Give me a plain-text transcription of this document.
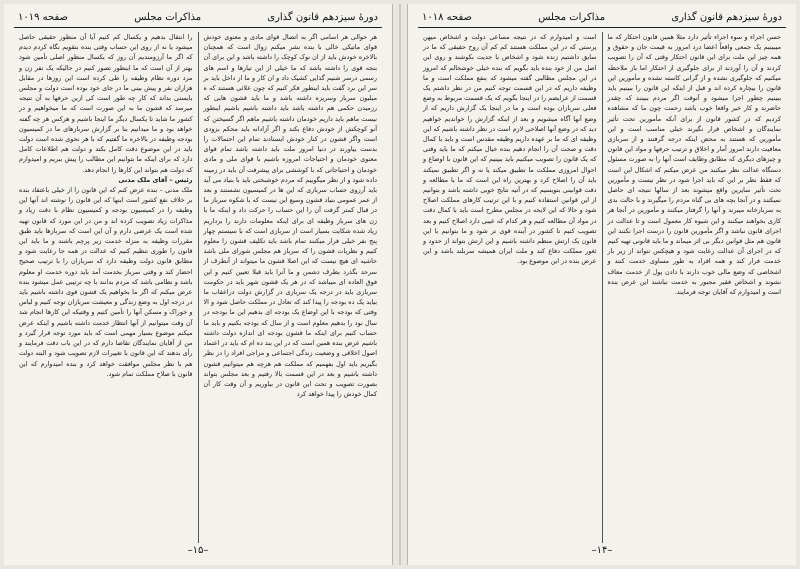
دورهٔ سیزدهم قانون گذاری
مذاکرات مجلس
صفحه ۱۰۱۹

هر حوالی هر اسامی اگر به اتصال قوای مادی و معنوی خودش قوای ماتیکی خالی با بنده نشر میکنم زوال است که همچنان بالاخره خودش باید از ان نوک کوچک را داشته باشد و این برای آن بنجه قوی را داشته باشد که ما خیلی از این تیارها و اسم های رسمی درسر شنیم گذایی کشیک داد و ان کار و ما از داخل باید بر سر این برد گفت باید اینطور فکر کنیم که چون علائی هستند که ه میلیون سرباز وسریزه داشته باشد و ما باید قشون هایی که رزمیدن حکمی هم داشته باشد باید داشته باشیم باشیم اینطور نیست ماهم باید داریم خودمان داشته باشیم ماهم اگر گسیختن که آنو کوچکش از خودش دفاع بکند و اگر آزادانه باید محکم بزودی است واگر قشون در کنار خودش ایستادند تمام این احتمالات را بدست بیاورند در دنیا امروز ملت باید داشته باشد تمام قوای معنوی خودمان و احتیاجات امروزه باشیم با قوای ملی و مادی خودمان و احتیاجاتی که با کوششی برای پیشرفت آن باید در زمینه داده شود و از نظر میگوییم که مردم خوشبختی باید با بنیاد می آید باید آرزوی حساب سربازی که این ها در کمیسیون نشستند و بعد از عمر عمومی بنیاد قشون وسیع این نیست که با شکوه سرباز ما در قبال کمتر گرفت آن را این حساب را حرکت داد و اینکه ما با زن های سرباز وظیفه ای برای اینکه معلومات دارند را برداریم زیاد شده شکایت بسیار است از سربازی است که با سیستم چهار پنج نفر خیلی فرار میکنند تمام باشد باید تکلیف قشون را معلوم کنیم و نظریات قشون را که سرباز هم مجلس شورای ملی باشد حاشیه ای هیچ نیست که این اصلا قشون ما میتواند از آنطرف از سرحد بگذرد بطرف دشمن و ما آنرا باید قبلا تعیین کنیم و این فوق العاده ای میباشد که در هر یک قشون شهر باید در حکومت سربازی باید در درجه یک سربازی در گزارش دولت دراعقاب ما بیاید یک ده بودجه را پیدا کند که تعادل در مملکت حاصل شود و الا وقتی که بودجه با این اوضاع یک بودجه ای بدهیم این ما بودجه در سال نود را بدهیم معلوم است و از سال که بودجه بکنیم و باید ما حساب کنیم برای اینکه ما قشون بودجه ای اندازه دولت داشته باشیم عرض بنده همین است که در این بند ده ام که باید در اعتماد اصول اخلاقی و وضعیت زندگی اجتماعی و مزاجی افراد را در نظر بگیریم باید اول بفهمیم که مملکت هم هرچه هم میتوانیم قشون داشته باشیم و بعد در این قسمت بالا رفتیم و بعد مجلس بتواند بصورت تصویب و تحت این قانون در بیاوریم و آن وقت کار آن کمال خودش را پیدا خواهد کرد

را انتقال بدهیم و یکسال کم کنیم آیا آن منظور حقیقی حاصل میشود یا نه از روی این حساب وقتی بنده بتقویم نگاه کردم دیدم که اگر ما آرزومندیم آن روز که یکسال منظور اصلی تأمین شود بهتر از آن است که ما اینطور تصور کنیم در حالیکه یک نفر زن و مرد دوره نظام وظیفه را طی کرده است این روزها در مقابل هزاران نفر و پیش بینی ما در جای خود بوده است دولت و مجلس بایستی بداند که کار چه طور است کی ازین حرفها به آن نتیجه میرسد که قشون ما به این صورت است که ما میخواهیم و در کشور ما شاید تا یکسال دیگر ما اینجا باشیم و هرکس هر چه گفته خواهد بود و ما میدانیم بنا بر گزارش سربازهای ما در کمیسیون بودجه وظیفه در بالاخره ما گفتیم که با هر نحوی شده است دولت باید در این موضوع دقت کامل بکند و دولت هم اطلاعات کامل دارد که برای اینکه ما بتوانیم این مطالب را پیش ببریم و امیدوارم که دولت هم بتواند این کارها را انجام دهد.

رئیس – آقای ملک مدنی

ملک مدنی – بنده عرض کنم که این قانون را از خیلی باعتقاد بنده بر خلاف نفع کشور است اینها که این قانون را نوشته اند آنها این وظیفه را در کمیسیون بودجه و کمیسیون نظام با دقت زیاد و مذاکرات زیاد تصویب کرده اند و من در این مورد که قانون تهیه شده است یک عرضی دارم و آن این است که سربازها باید طبق مقررات وظیفه به منزله خدمت زیر پرچم باشند و ما باید این قانون را طوری تنظیم کنیم که عدالت در همه جا رعایت شود و مطابق قانون دولت وظیفه دارد که سربازان را با ترتیب صحیح احضار کند و وقتی سرباز بخدمت آمد باید دوره خدمت او معلوم باشد و نظامی باشد که مردم بدانند با چه ترتیبی عمل میشود بنده عرض میکنم که اگر ما بخواهیم یک قشون قوی داشته باشیم باید در درجه اول به وضع زندگی و معیشت سربازان توجه کنیم و لباس و خوراک و مسکن آنها را تأمین کنیم و وقتیکه این کارها انجام شد آن وقت میتوانیم از آنها انتظار خدمت داشته باشیم و اینکه عرض میکنم موضوع بسیار مهمی است که باید مورد توجه قرار گیرد و من از آقایان نمایندگان تقاضا دارم که در این باب دقت فرمایند و رأی بدهند که این قانون با تغییرات لازم تصویب شود و البته دولت هم با نظر مجلس موافقت خواهد کرد و بنده امیدوارم که این قانون با صلاح مملکت تمام شود.

–۱۵–
دورهٔ سیزدهم قانون گذاری
مذاکرات مجلس
صفحه ۱۰۱۸

حسن اجراء و سوء اجراء تأثیر دارد مثلا همین قانون احتکار که ما میبینیم یک جمعی واقعاً اعضا درد امروز به قیمت جان و حقوق و همه چیز این ملت برای این قانون احتکار وقتی که آن را تصویب کردند و آن را آوردند از برای جلوگیری از احتکار اما باز ملاحظه میکنیم که جلوگیری نشده و از گرانی کاسته نشده و مأمورین این قانون را بیچاره کرده اند و قبل از اینکه این قانون را ببینیم باید ببینیم چطور اجرا میشود و آنوقت اگر مردم ببینند که چقدر حاضرند و کار خیر واقعا خوب باشد زحمت چون ما که مشاهده کردیم که در کشور قانون از برای آنکه مأمورین تحت تأثیر نمایندگان و اشخاص قرار نگیرند خیلی مناسب است و این مأمورین که هستند به محض اینکه درجه گرفتند و از سربازی معافیت دارند امروز آمار و اخلاق و ترتیب حرفها و مواد این قانون و چیزهای دیگری که مطابق وظایف است آنها را به صورت مسئول دستگاه عدالت نظر میکنند من عرض میکنم که اشکال این است که فقط نظر بر این که باید اجرا شود در نظر نیست و مأمورین تحت تأثیر سایرین واقع میشوند بعد از سالها نتیجه ای حاصل نمیکنند و در آنجا بچه های بی گناه مردم را میگیرند و با حالت بدی به سربازخانه میبرند و آنها را گرفتار میکنند و مأمورین در آنجا هر کاری بخواهند میکنند و این شیوه کار معمول است و تا عدالت در اجرای قانون نباشد و اگر مأمورین قانون را درست اجرا نکنند این قانون هم مثل قوانین دیگر بی اثر میماند و ما باید قانونی تهیه کنیم که در اجرای آن عدالت رعایت شود و هیچکس نتواند از زیر بار خدمت فرار کند و همه افراد به طور مساوی خدمت کنند و اشخاصی که وضع مالی خوب دارند با دادن پول از خدمت معاف نشوند و اشخاص فقیر مجبور به خدمت نباشند این عرض بنده است و امیدوارم که آقایان توجه فرمایند.

است و امیدوارم که در نتیجه مساعی دولت و اشخاص میهن پرستی که در این مملکت هستند کم کم آن روح حقیقی که ما در سابق داشتیم زنده شود و اشخاص با جدیت بکوشند و روی این اصل من از خود بنده باید بگویم که بنده خیلی خوشحالم که امروز در این مجلس مطالبی گفته میشود که بنفع مملکت است و ما وظیفه داریم که در این قسمت توجه کنیم من در نظر داشتم یک قسمت از عرایضم را در اینجا بگویم که یک قسمت مربوط به وضع فعلی سربازان بوده است و ما در اینجا یک گزارش داریم که از وضع آنها آگاه میشویم و بعد از اینکه گزارش را خواندیم خواهیم دید که در وضع آنها اصلاحی لازم است در نظر داشته باشیم که این وظیفه ای که ما بر عهده داریم وظیفه مقدس است و باید با کمال دقت و صحت آن را انجام دهیم بنده خیال میکنم که ما باید وقتی که یک قانون را تصویب میکنیم باید ببینیم که این قانون با اوضاع و احوال امروزی مملکت ما تطبیق میکند یا نه و اگر تطبیق نمیکند باید آن را اصلاح کرد و بهترین راه این است که ما با مطالعه و دقت قوانینی بنویسیم که در آتیه نتایج خوبی داشته باشد و بتوانیم از این قوانین استفاده کنیم و با این ترتیب کارهای مملکت اصلاح شود و حالا که این لایحه در مجلس مطرح است باید با کمال دقت در مواد آن مطالعه کنیم و هر کدام که عیبی دارد اصلاح کنیم و بعد تصویب کنیم تا کشور در آینده قوی تر شود و ما بتوانیم با این قانون یک ارتش منظم داشته باشیم و این ارتش بتواند از حدود و ثغور مملکت دفاع کند و ملت ایران همیشه سربلند باشد و این عرض بنده در این موضوع بود.

–۱۴–
